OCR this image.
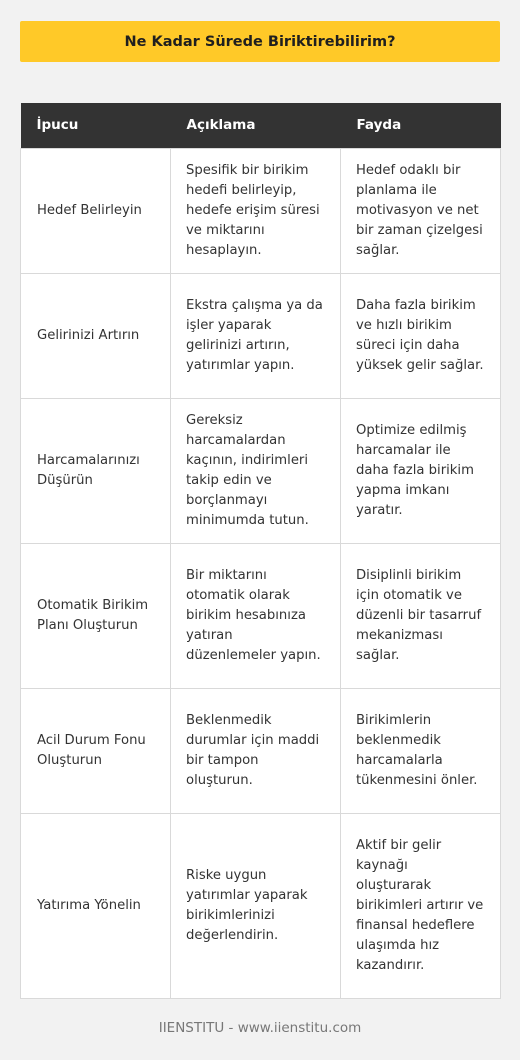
Ne Kadar Sürede Biriktirebilirim?
İpucu	Açıklama	Fayda
Hedef Belirleyin	Spesifik bir birikim hedefi belirleyip, hedefe erişim süresi ve miktarını hesaplayın.	Hedef odaklı bir planlama ile motivasyon ve net bir zaman çizelgesi sağlar.
Gelirinizi Artırın	Ekstra çalışma ya da işler yaparak gelirinizi artırın, yatırımlar yapın.	Daha fazla birikim ve hızlı birikim süreci için daha yüksek gelir sağlar.
Harcamalarınızı Düşürün	Gereksiz harcamalardan kaçının, indirimleri takip edin ve borçlanmayı minimumda tutun.	Optimize edilmiş harcamalar ile daha fazla birikim yapma imkanı yaratır.
Otomatik Birikim Planı Oluşturun	Bir miktarını otomatik olarak birikim hesabınıza yatıran düzenlemeler yapın.	Disiplinli birikim için otomatik ve düzenli bir tasarruf mekanizması sağlar.
Acil Durum Fonu Oluşturun	Beklenmedik durumlar için maddi bir tampon oluşturun.	Birikimlerin beklenmedik harcamalarla tükenmesini önler.
Yatırıma Yönelin	Riske uygun yatırımlar yaparak birikimlerinizi değerlendirin.	Aktif bir gelir kaynağı oluşturarak birikimleri artırır ve finansal hedeflere ulaşımda hız kazandırır.
IIENSTITU - www.iienstitu.com
